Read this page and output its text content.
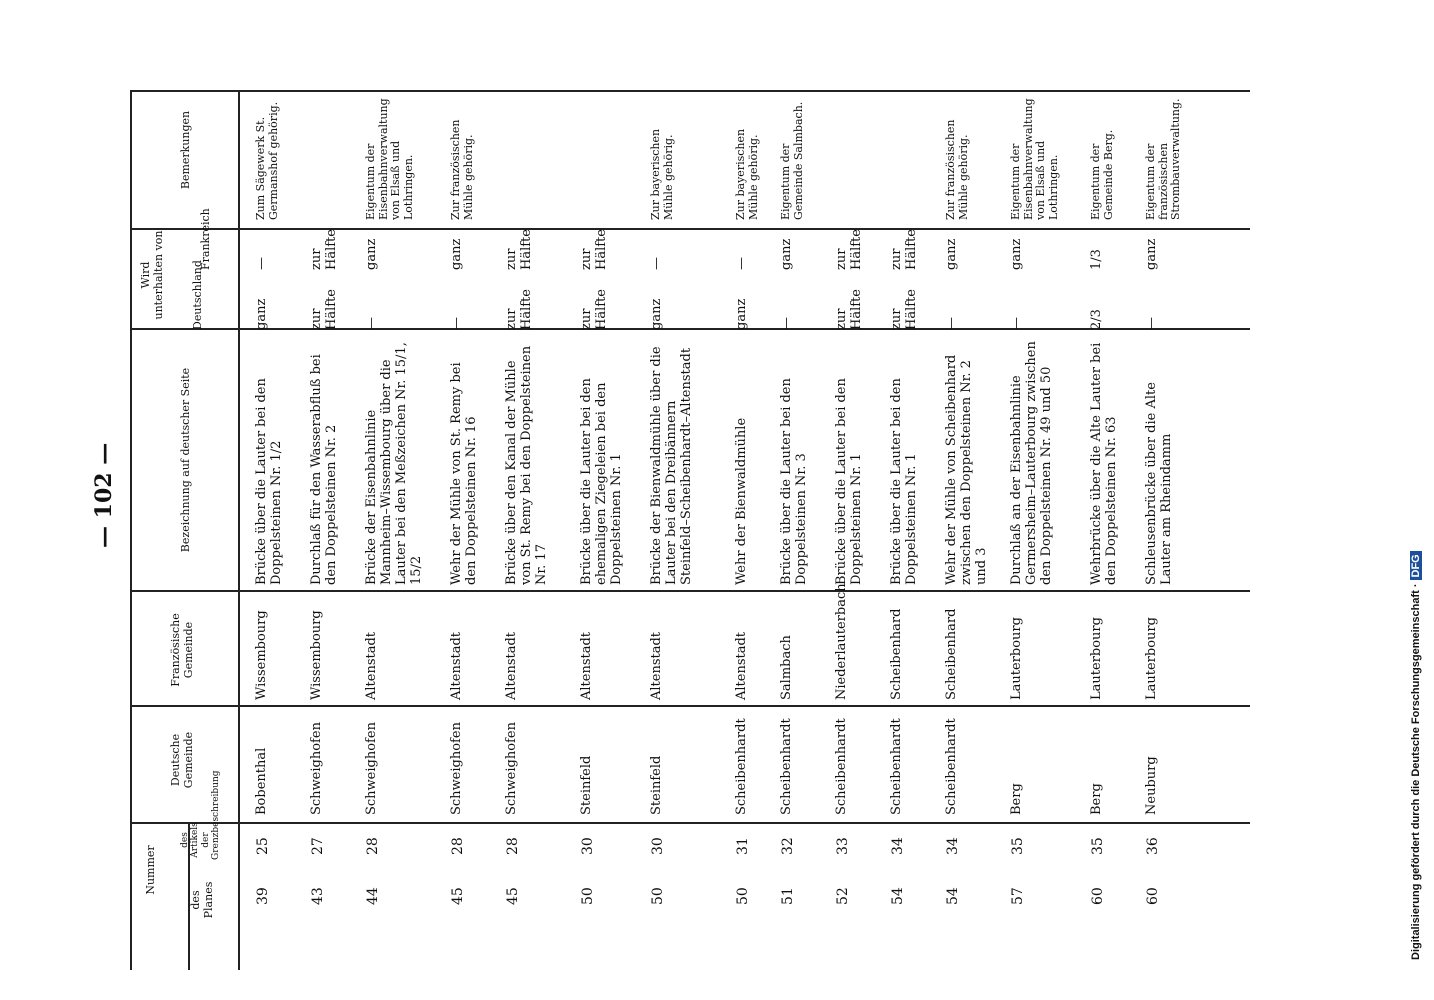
— 102 —
Bemerkungen
Wird unterhalten von Deutschland
Frankreich
Bezeichnung auf deutscher Seite
Französische Gemeinde
Deutsche Gemeinde
Nummer
des Planes
des Artikels der Grenzbeschreibung
39
25
Bobenthal
Wissembourg
Brücke über die Lauter bei den Doppelsteinen Nr. 1/2
ganz
—
Zum Sägewerk St. Germanshof gehörig.
43
27
Schweighofen
Wissembourg
Durchlaß für den Wasserabfluß bei den Doppelsteinen Nr. 2
zur Hälfte
zur Hälfte
44
28
Schweighofen
Altenstadt
Brücke der Eisenbahnlinie Mannheim–Wissembourg über die Lauter bei den Meßzeichen Nr. 15/1, 15/2
—
ganz
Eigentum der Eisenbahnverwaltung von Elsaß und Lothringen.
45
28
Schweighofen
Altenstadt
Wehr der Mühle von St. Remy bei den Doppelsteinen Nr. 16
—
ganz
Zur französischen Mühle gehörig.
45
28
Schweighofen
Altenstadt
Brücke über den Kanal der Mühle von St. Remy bei den Doppelsteinen Nr. 17
zur Hälfte
zur Hälfte
50
30
Steinfeld
Altenstadt
Brücke über die Lauter bei den ehemaligen Ziegeleien bei den Doppelsteinen Nr. 1
zur Hälfte
zur Hälfte
50
30
Steinfeld
Altenstadt
Brücke der Bienwaldmühle über die Lauter bei den Dreibännern Steinfeld–Scheibenhardt–Altenstadt
ganz
—
Zur bayerischen Mühle gehörig.
50
31
Scheibenhardt
Altenstadt
Wehr der Bienwaldmühle
ganz
—
Zur bayerischen Mühle gehörig.
51
32
Scheibenhardt
Salmbach
Brücke über die Lauter bei den Doppelsteinen Nr. 3
—
ganz
Eigentum der Gemeinde Salmbach.
52
33
Scheibenhardt
Niederlauterbach
Brücke über die Lauter bei den Doppelsteinen Nr. 1
zur Hälfte
zur Hälfte
54
34
Scheibenhardt
Scheibenhard
Brücke über die Lauter bei den Doppelsteinen Nr. 1
zur Hälfte
zur Hälfte
54
34
Scheibenhardt
Scheibenhard
Wehr der Mühle von Scheibenhard zwischen den Doppelsteinen Nr. 2 und 3
—
ganz
Zur französischen Mühle gehörig.
57
35
Berg
Lauterbourg
Durchlaß an der Eisenbahnlinie Germersheim–Lauterbourg zwischen den Doppelsteinen Nr. 49 und 50
—
ganz
Eigentum der Eisenbahnverwaltung von Elsaß und Lothringen.
60
35
Berg
Lauterbourg
Wehrbrücke über die Alte Lauter bei den Doppelsteinen Nr. 63
2/3
1/3
Eigentum der Gemeinde Berg.
60
36
Neuburg
Lauterbourg
Schleusenbrücke über die Alte Lauter am Rheindamm
—
ganz
Eigentum der französischen Strombauverwaltung.
Digitalisierung gefördert durch die Deutsche Forschungsgemeinschaft ·DFG
